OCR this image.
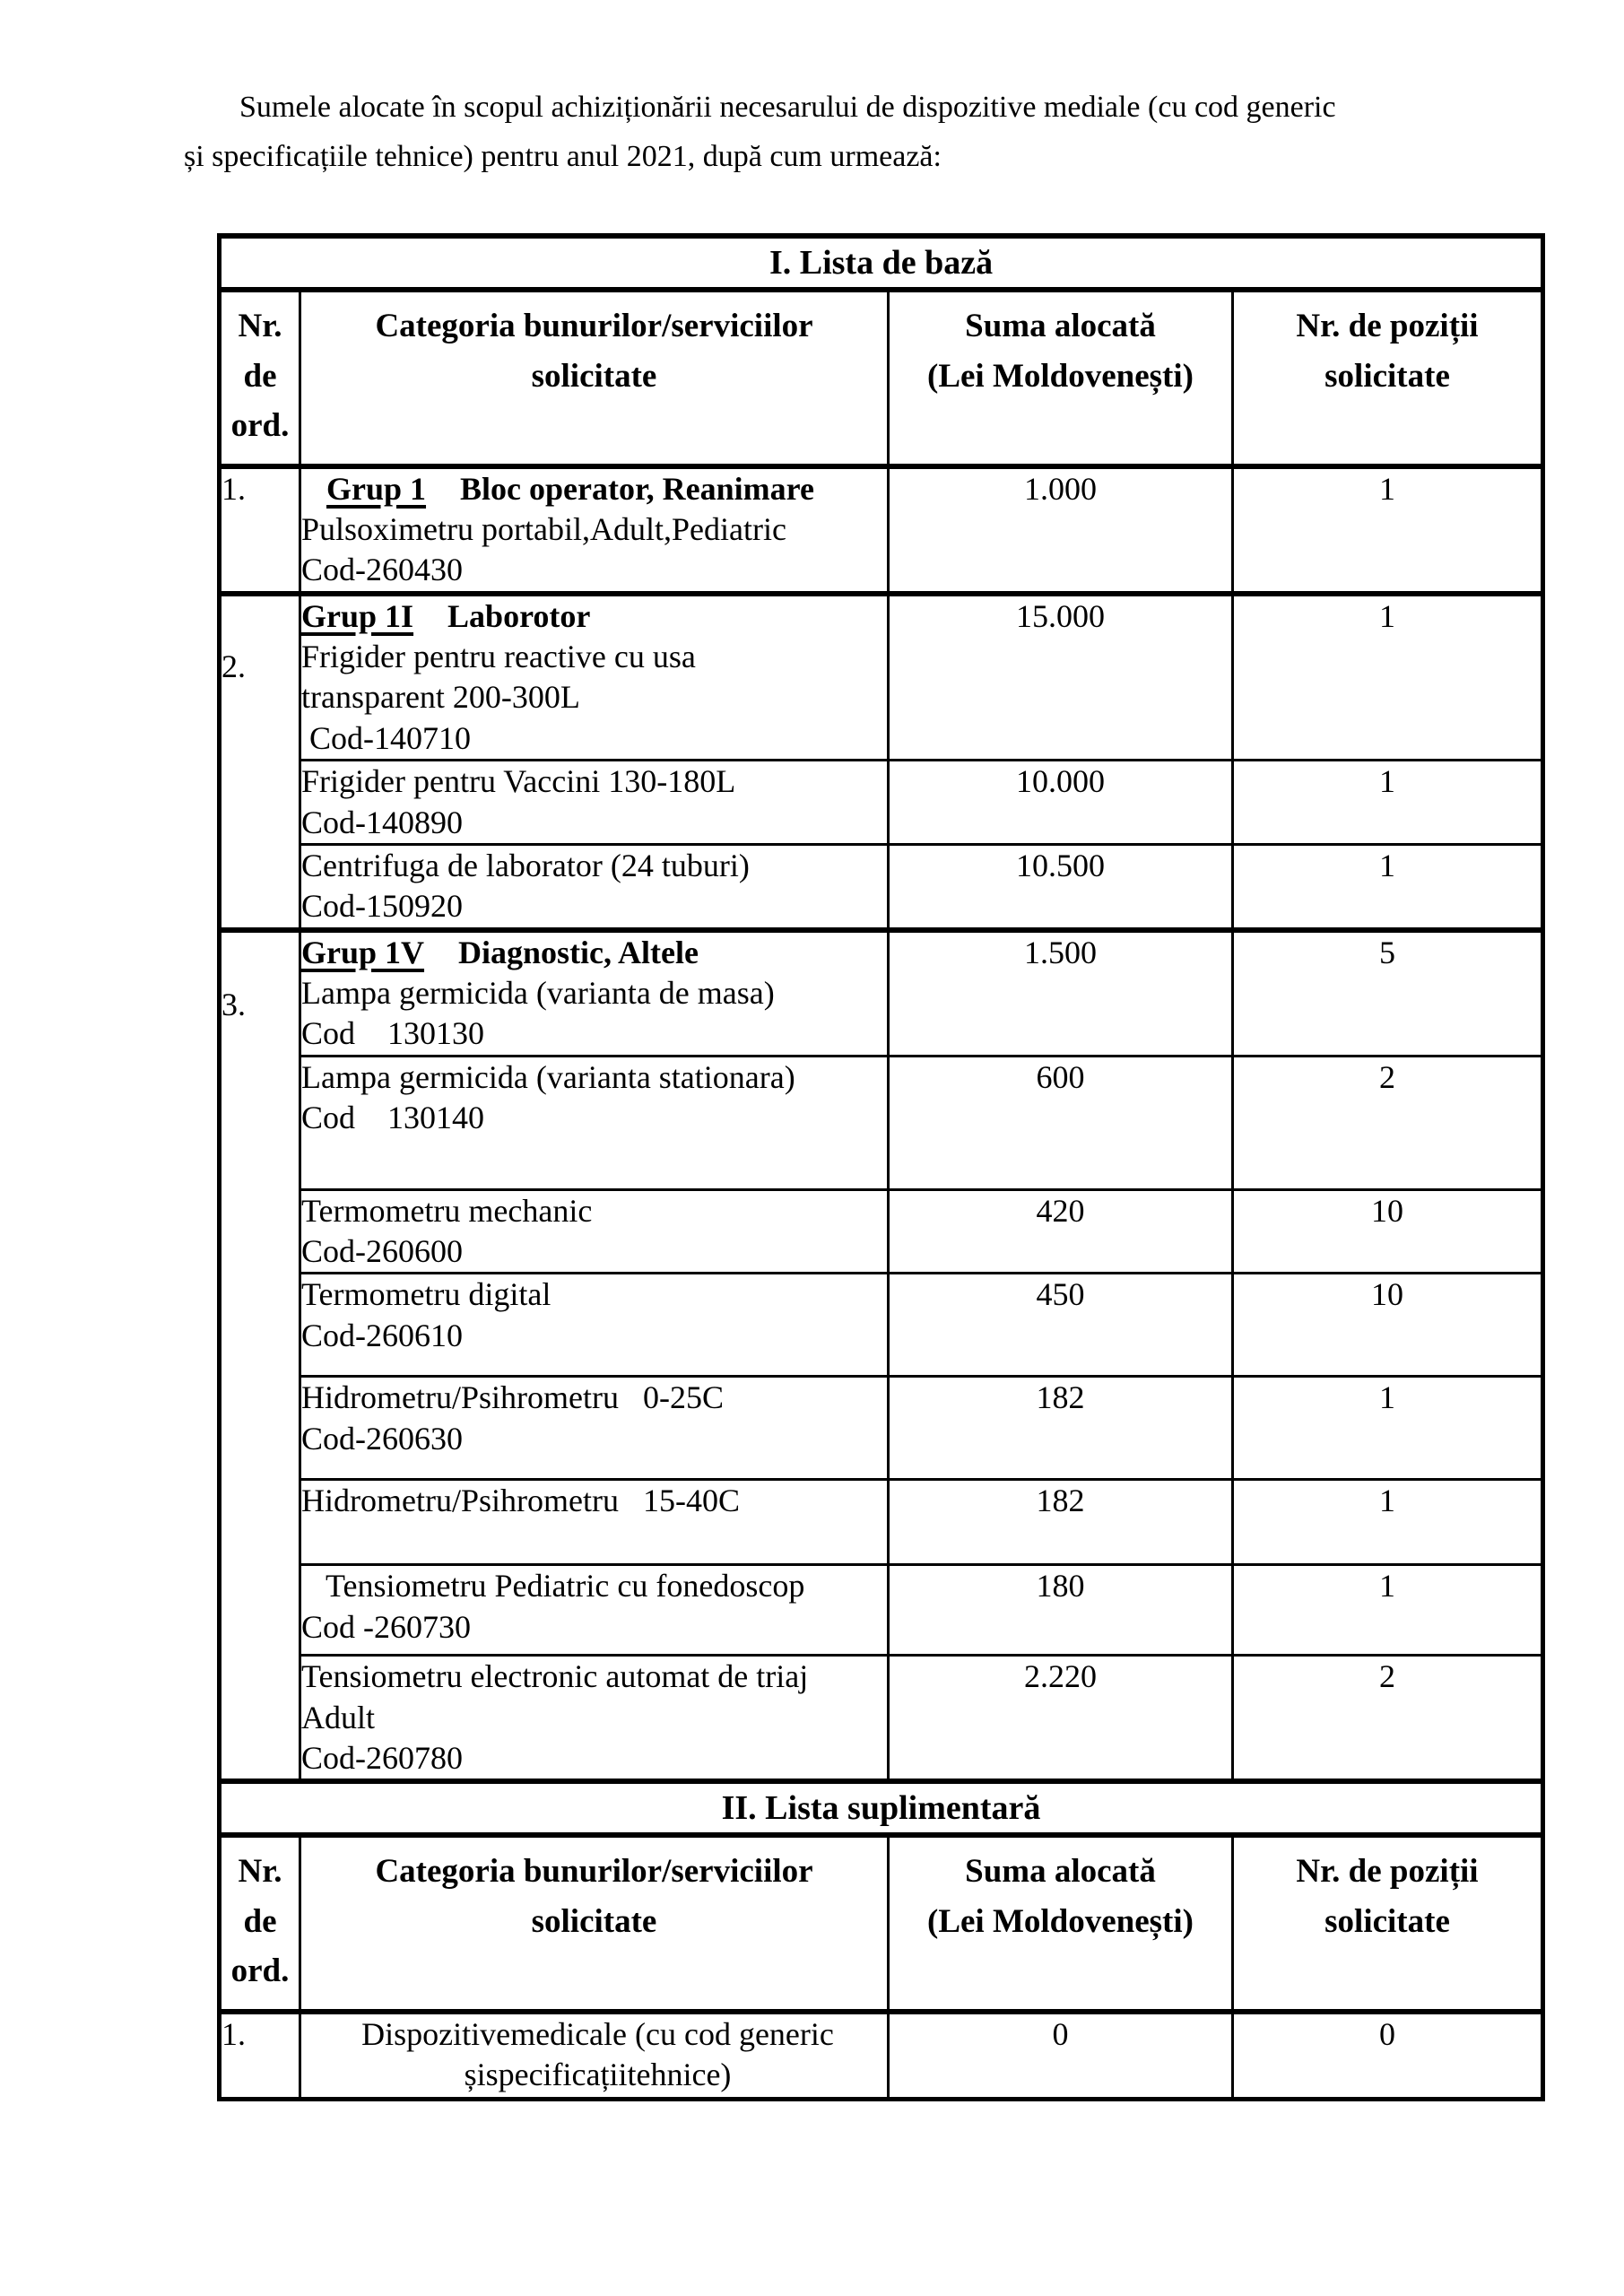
Sumele alocate în scopul achiziționării necesarului de dispozitive mediale (cu cod generic
și specificațiile tehnice) pentru anul 2021, după cum urmează:
I. Lista de bază			

Nr.
de
ord.

Categoria bunurilor/serviciilor
solicitate

Suma alocată
(Lei Moldovenești)

Nr. de poziții
solicitate

1.	Grup 1 Bloc operator, Reanimare
Pulsoximetru portabil,Adult,Pediatric
Cod-260430	1.000	1
2.	Grup 1I Laborotor
Frigider pentru reactive cu usa
transparent 200-300L
Cod-140710	15.000	1

	Frigider pentru Vaccini 130-180L
Cod-140890	10.000	1

	Centrifuga de laborator (24 tuburi)
Cod-150920	10.500	1
3.	Grup 1V Diagnostic, Altele
Lampa germicida (varianta de masa)
Cod    130130	1.500	5

	Lampa germicida (varianta stationara)
Cod    130140	600	2

	Termometru mechanic
Cod-260600	420	10

	Termometru digital
Cod-260610	450	10

	Hidrometru/Psihrometru   0-25C
Cod-260630	182	1

	Hidrometru/Psihrometru   15-40C	182	1

	Tensiometru Pediatric cu fonedoscop
Cod -260730	180	1

	Tensiometru electronic automat de triaj
Adult
Cod-260780	2.220	2
II. Lista suplimentară			

Nr.
de
ord.

Categoria bunurilor/serviciilor
solicitate

Suma alocată
(Lei Moldovenești)

Nr. de poziții
solicitate

1.	Dispozitivemedicale (cu cod generic
șispecificațiitehnice)	0	0
